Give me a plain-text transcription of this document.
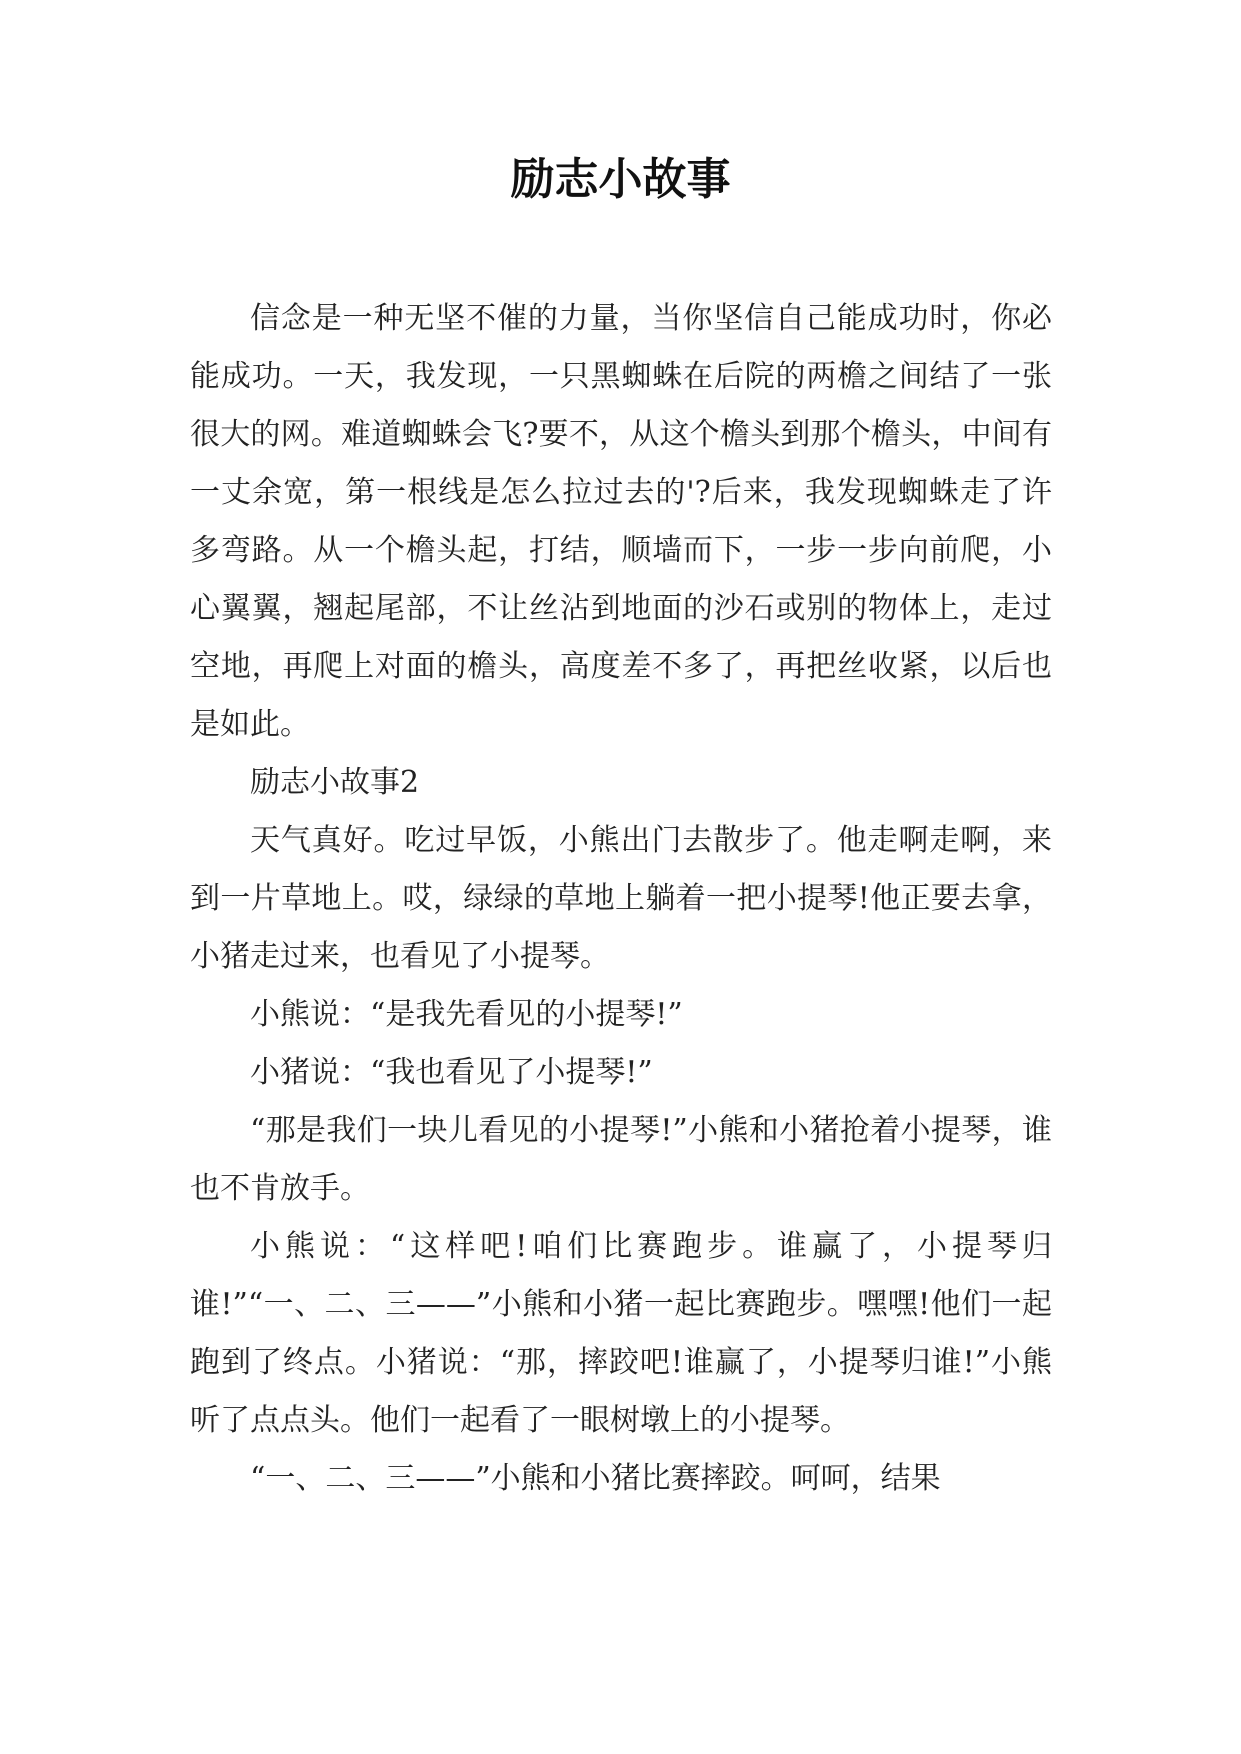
励志小故事

信念是一种无坚不催的力量，当你坚信自己能成功时，你必能成功。一天，我发现，一只黑蜘蛛在后院的两檐之间结了一张很大的网。难道蜘蛛会飞?要不，从这个檐头到那个檐头，中间有一丈余宽，第一根线是怎么拉过去的'?后来，我发现蜘蛛走了许多弯路。从一个檐头起，打结，顺墙而下，一步一步向前爬，小心翼翼，翘起尾部，不让丝沾到地面的沙石或别的物体上，走过空地，再爬上对面的檐头，高度差不多了，再把丝收紧，以后也是如此。

励志小故事2

天气真好。吃过早饭，小熊出门去散步了。他走啊走啊，来到一片草地上。哎，绿绿的草地上躺着一把小提琴!他正要去拿，小猪走过来，也看见了小提琴。

小熊说：“是我先看见的小提琴!”

小猪说：“我也看见了小提琴!”

“那是我们一块儿看见的小提琴!”小熊和小猪抢着小提琴，谁也不肯放手。

小熊说：“这样吧!咱们比赛跑步。谁赢了，小提琴归谁!”“一、二、三——”小熊和小猪一起比赛跑步。嘿嘿!他们一起跑到了终点。小猪说：“那，摔跤吧!谁赢了，小提琴归谁!”小熊听了点点头。他们一起看了一眼树墩上的小提琴。

“一、二、三——”小熊和小猪比赛摔跤。呵呵，结果
